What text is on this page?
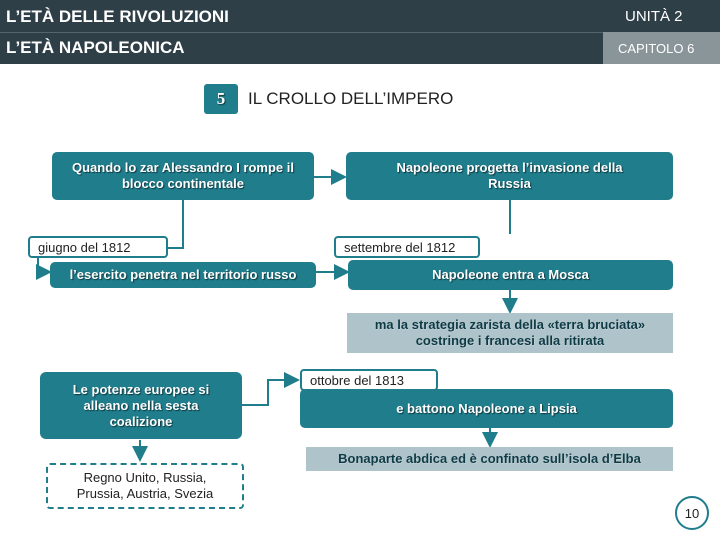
L’ETÀ DELLE RIVOLUZIONI
L’ETÀ NAPOLEONICA
UNITÀ 2
CAPITOLO 6
5	IL CROLLO DELL’IMPERO
Quando lo zar Alessandro I rompe il blocco continentale
Napoleone progetta l’invasione della Russia
giugno del 1812	settembre del 1812
l’esercito penetra nel territorio russo	Napoleone entra a Mosca
ma la strategia zarista della «terra bruciata» costringe i francesi alla ritirata
Le potenze europee si alleano nella sesta coalizione
ottobre del 1813
e battono Napoleone a Lipsia
Bonaparte abdica ed è confinato sull’isola d’Elba
Regno Unito, Russia, Prussia, Austria, Svezia
10
